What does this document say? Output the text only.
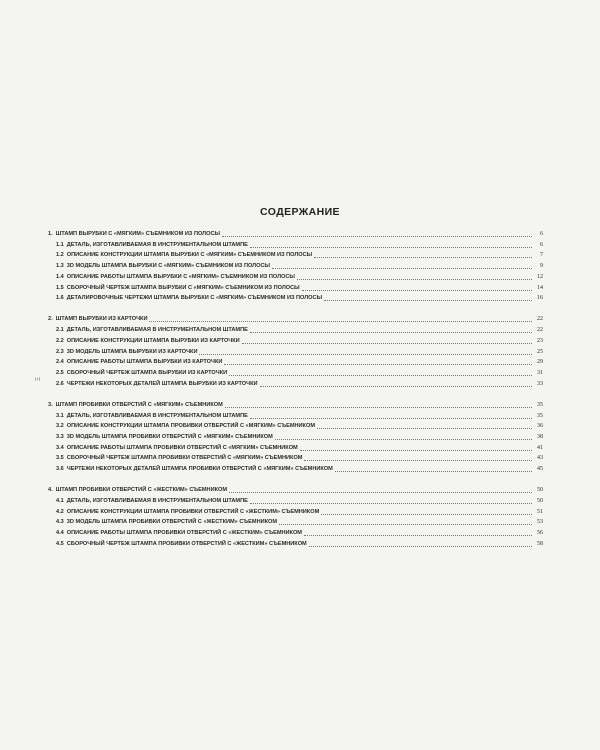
Ξ
СОДЕРЖАНИЕ
1. ШТАМП ВЫРУБКИ С «МЯГКИМ» СЪЕМНИКОМ ИЗ ПОЛОСЫ	6
1.1 ДЕТАЛЬ, ИЗГОТАВЛИВАЕМАЯ В ИНСТРУМЕНТАЛЬНОМ ШТАМПЕ	6
1.2 ОПИСАНИЕ КОНСТРУКЦИИ ШТАМПА ВЫРУБКИ С «МЯГКИМ» СЪЕМНИКОМ ИЗ ПОЛОСЫ	7
1.3 3D МОДЕЛЬ ШТАМПА ВЫРУБКИ С «МЯГКИМ» СЪЕМНИКОМ ИЗ ПОЛОСЫ	9
1.4 ОПИСАНИЕ РАБОТЫ ШТАМПА ВЫРУБКИ С «МЯГКИМ» СЪЕМНИКОМ ИЗ ПОЛОСЫ	12
1.5 СБОРОЧНЫЙ ЧЕРТЕЖ ШТАМПА ВЫРУБКИ С «МЯГКИМ» СЪЕМНИКОМ ИЗ ПОЛОСЫ	14
1.6 ДЕТАЛИРОВОЧНЫЕ ЧЕРТЕЖИ ШТАМПА ВЫРУБКИ С «МЯГКИМ» СЪЕМНИКОМ ИЗ ПОЛОСЫ	16
2. ШТАМП ВЫРУБКИ ИЗ КАРТОЧКИ	22
2.1 ДЕТАЛЬ, ИЗГОТАВЛИВАЕМАЯ В ИНСТРУМЕНТАЛЬНОМ ШТАМПЕ	22
2.2 ОПИСАНИЕ КОНСТРУКЦИИ ШТАМПА ВЫРУБКИ ИЗ КАРТОЧКИ	23
2.3 3D МОДЕЛЬ ШТАМПА ВЫРУБКИ ИЗ КАРТОЧКИ	25
2.4 ОПИСАНИЕ РАБОТЫ ШТАМПА ВЫРУБКИ ИЗ КАРТОЧКИ	29
2.5 СБОРОЧНЫЙ ЧЕРТЕЖ ШТАМПА ВЫРУБКИ ИЗ КАРТОЧКИ	31
2.6 ЧЕРТЕЖИ НЕКОТОРЫХ ДЕТАЛЕЙ ШТАМПА ВЫРУБКИ ИЗ КАРТОЧКИ	33
3. ШТАМП ПРОБИВКИ ОТВЕРСТИЙ С «МЯГКИМ» СЪЕМНИКОМ	35
3.1 ДЕТАЛЬ, ИЗГОТАВЛИВАЕМАЯ В ИНСТРУМЕНТАЛЬНОМ ШТАМПЕ	35
3.2 ОПИСАНИЕ КОНСТРУКЦИИ ШТАМПА ПРОБИВКИ ОТВЕРСТИЙ С «МЯГКИМ» СЪЕМНИКОМ	36
3.3 3D МОДЕЛЬ ШТАМПА ПРОБИВКИ ОТВЕРСТИЙ С «МЯГКИМ» СЪЕМНИКОМ	38
3.4 ОПИСАНИЕ РАБОТЫ ШТАМПА ПРОБИВКИ ОТВЕРСТИЙ С «МЯГКИМ» СЪЕМНИКОМ	41
3.5 СБОРОЧНЫЙ ЧЕРТЕЖ ШТАМПА ПРОБИВКИ ОТВЕРСТИЙ С «МЯГКИМ» СЪЕМНИКОМ	43
3.6 ЧЕРТЕЖИ НЕКОТОРЫХ ДЕТАЛЕЙ ШТАМПА ПРОБИВКИ ОТВЕРСТИЙ С «МЯГКИМ» СЪЕМНИКОМ	45
4. ШТАМП ПРОБИВКИ ОТВЕРСТИЙ С «ЖЕСТКИМ» СЪЕМНИКОМ	50
4.1 ДЕТАЛЬ, ИЗГОТАВЛИВАЕМАЯ В ИНСТРУМЕНТАЛЬНОМ ШТАМПЕ	50
4.2 ОПИСАНИЕ КОНСТРУКЦИИ ШТАМПА ПРОБИВКИ ОТВЕРСТИЙ С «ЖЕСТКИМ» СЪЕМНИКОМ	51
4.3 3D МОДЕЛЬ ШТАМПА ПРОБИВКИ ОТВЕРСТИЙ С «ЖЕСТКИМ» СЪЕМНИКОМ	53
4.4 ОПИСАНИЕ РАБОТЫ ШТАМПА ПРОБИВКИ ОТВЕРСТИЙ С «ЖЕСТКИМ» СЪЕМНИКОМ	56
4.5 СБОРОЧНЫЙ ЧЕРТЕЖ ШТАМПА ПРОБИВКИ ОТВЕРСТИЙ С «ЖЕСТКИМ» СЪЕМНИКОМ	58
